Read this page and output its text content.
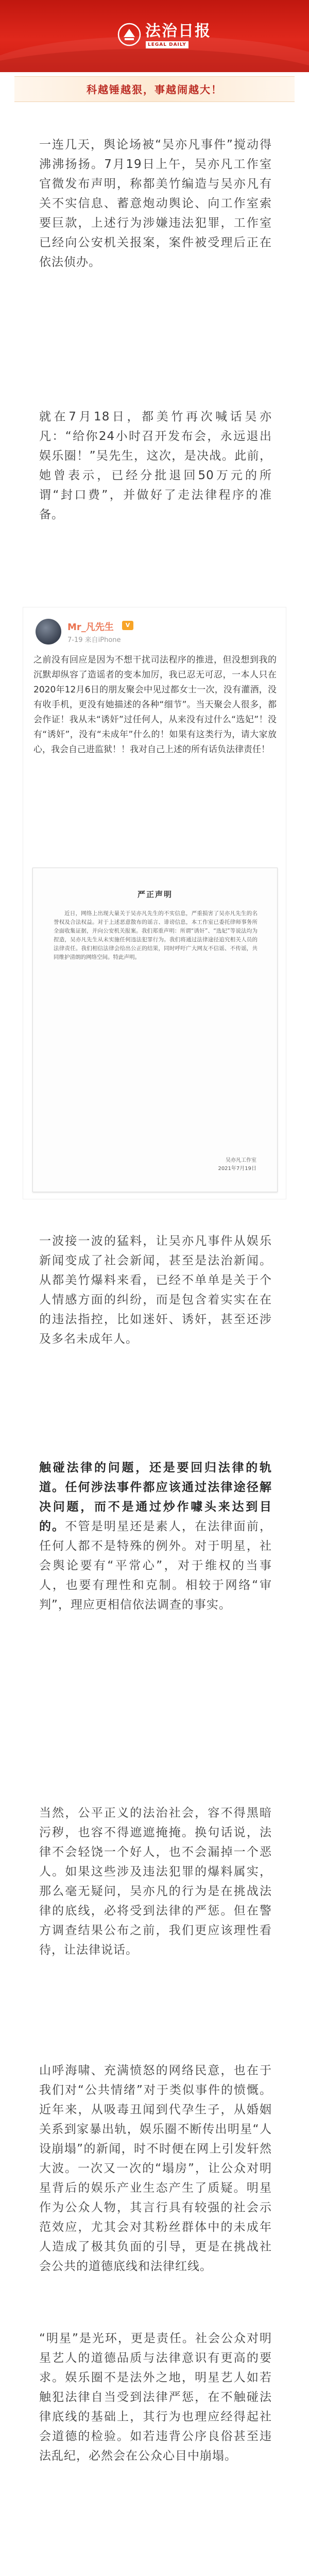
法治日报
LEGAL DAILY
科越锤越狠，事越闹越大！
一连几天，舆论场被“吴亦凡事件”搅动得沸沸扬扬。7月19日上午，吴亦凡工作室官微发布声明，称都美竹编造与吴亦凡有关不实信息、蓄意炮动舆论、向工作室索要巨款，上述行为涉嫌违法犯罪，工作室已经向公安机关报案，案件被受理后正在依法侦办。
就在7月18日，都美竹再次喊话吴亦凡：“给你24小时召开发布会，永远退出娱乐圈！”吴先生，这次，是决战。此前，她曾表示，已经分批退回50万元的所谓“封口费”，并做好了走法律程序的准备。
Mr_凡先生	V
7-19 来自iPhone
之前没有回应是因为不想干扰司法程序的推进，但没想到我的沉默却纵容了造谣者的变本加厉，我已忍无可忍，一本人只在2020年12月6日的朋友聚会中见过都女士一次，没有灌酒，没有收手机，更没有她描述的各种“细节”。当天聚会人很多，都会作证！我从未“诱奸”过任何人，从来没有过什么“选妃”！没有“诱奸”，没有“未成年”什么的！如果有这类行为，请大家放心，我会自己进监狱！！我对自己上述的所有话负法律责任！
严正声明
近日，网络上出现大量关于吴亦凡先生的不实信息，严重损害了吴亦凡先生的名誉权及合法权益。对于上述恶意散布的谣言、诽谤信息，本工作室已委托律师事务所全面收集证据，并向公安机关报案。我们郑重声明：所谓“诱奸”、“选妃”等说法均为捏造，吴亦凡先生从未实施任何违法犯罪行为。我们将通过法律途径追究相关人员的法律责任。我们相信法律会给出公正的结果，同时呼吁广大网友不信谣、不传谣，共同维护清朗的网络空间。特此声明。
吴亦凡工作室
2021年7月19日
一波接一波的猛料，让吴亦凡事件从娱乐新闻变成了社会新闻，甚至是法治新闻。从都美竹爆料来看，已经不单单是关于个人情感方面的纠纷，而是包含着实实在在的违法指控，比如迷奸、诱奸，甚至还涉及多名未成年人。
触碰法律的问题，还是要回归法律的轨道。任何涉法事件都应该通过法律途径解决问题，而不是通过炒作噱头来达到目的。不管是明星还是素人，在法律面前，任何人都不是特殊的例外。对于明星，社会舆论要有“平常心”，对于维权的当事人，也要有理性和克制。相较于网络“审判”，理应更相信依法调查的事实。
当然，公平正义的法治社会，容不得黑暗污秽，也容不得遮遮掩掩。换句话说，法律不会轻饶一个好人，也不会漏掉一个恶人。如果这些涉及违法犯罪的爆料属实，那么毫无疑问，吴亦凡的行为是在挑战法律的底线，必将受到法律的严惩。但在警方调查结果公布之前，我们更应该理性看待，让法律说话。
山呼海啸、充满愤怒的网络民意，也在于我们对“公共情绪”对于类似事件的愤慨。近年来，从吸毒丑闻到代孕生子，从婚姻关系到家暴出轨，娱乐圈不断传出明星“人设崩塌”的新闻，时不时便在网上引发轩然大波。一次又一次的“塌房”，让公众对明星背后的娱乐产业生态产生了质疑。明星作为公众人物，其言行具有较强的社会示范效应，尤其会对其粉丝群体中的未成年人造成了极其负面的引导，更是在挑战社会公共的道德底线和法律红线。
“明星”是光环，更是责任。社会公众对明星艺人的道德品质与法律意识有更高的要求。娱乐圈不是法外之地，明星艺人如若触犯法律自当受到法律严惩，在不触碰法律底线的基础上，其行为也理应经得起社会道德的检验。如若违背公序良俗甚至违法乱纪，必然会在公众心目中崩塌。
